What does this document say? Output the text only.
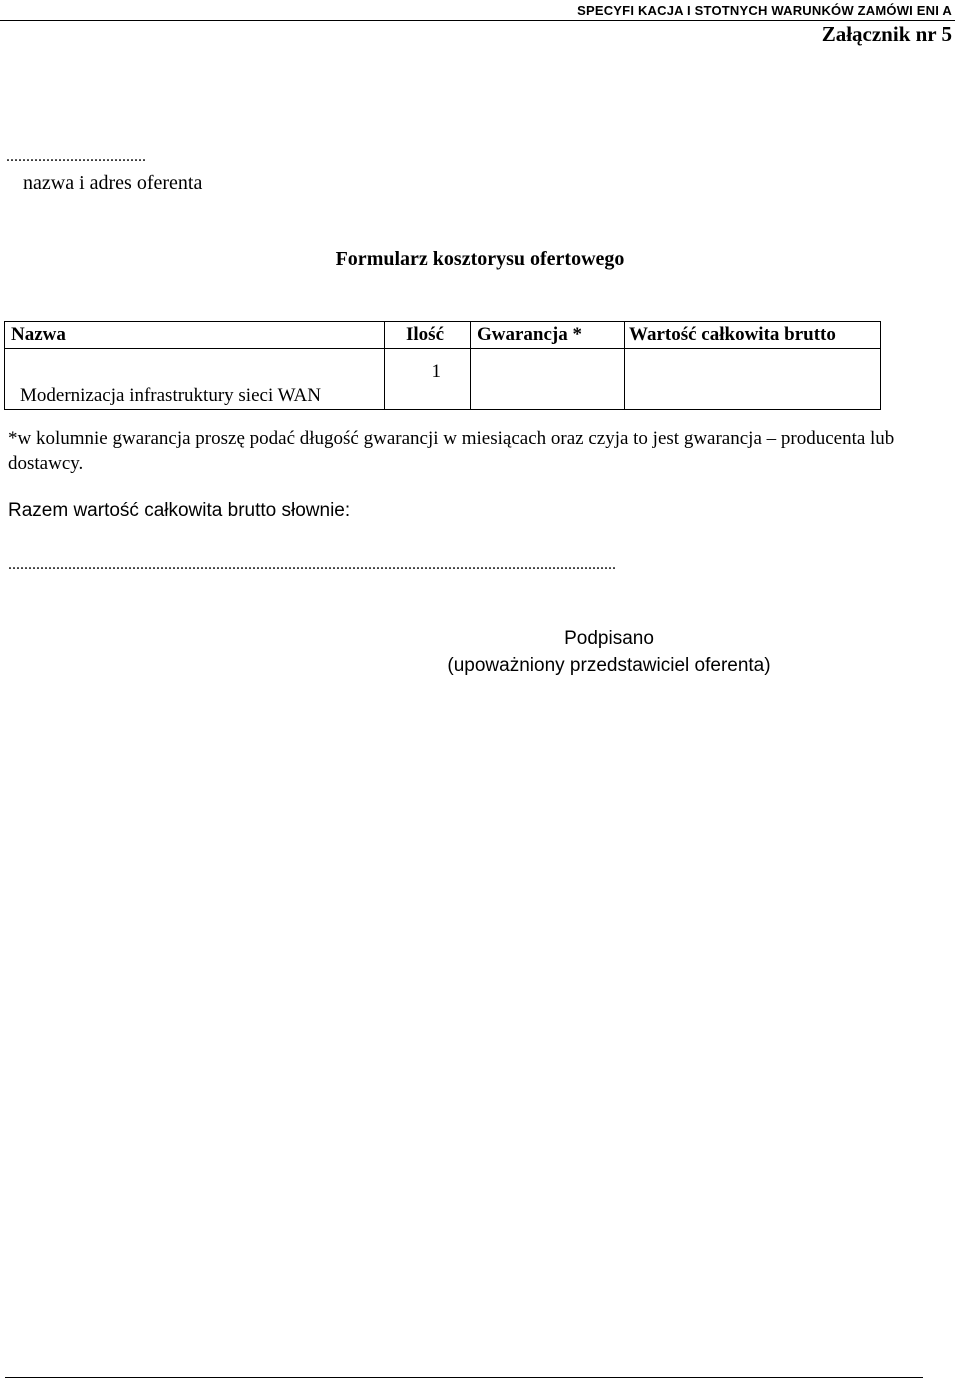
SPECYFI KACJA I STOTNYCH WARUNKÓW ZAMÓWI ENI A
Załącznik nr 5
...................................
nazwa i adres oferenta
Formularz kosztorysu ofertowego
Nazwa	Ilość	Gwarancja *	Wartość całkowita brutto
Modernizacja infrastruktury sieci WAN	1		
*w kolumnie gwarancja proszę podać długość gwarancji w miesiącach oraz czyja to jest gwarancja – producenta lub dostawcy.
Razem wartość całkowita brutto słownie:
........................................................................................................................................................
Podpisano
(upoważniony przedstawiciel oferenta)
